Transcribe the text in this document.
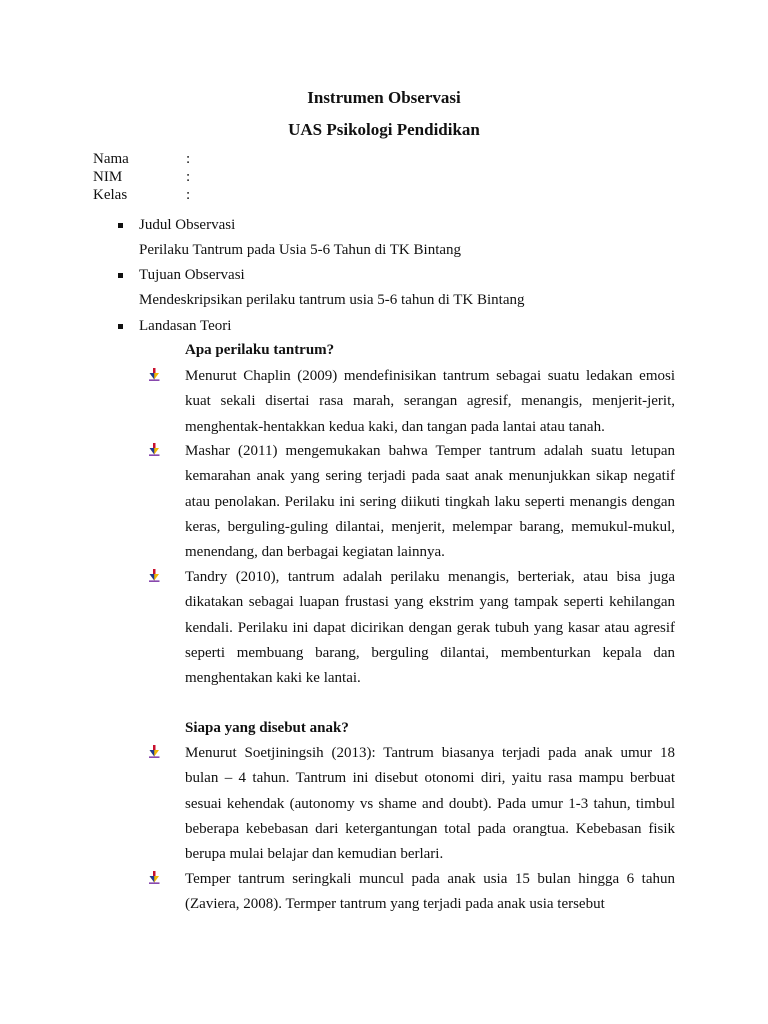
Instrumen Observasi
UAS Psikologi Pendidikan
Nama	:
NIM	:
Kelas	:
Judul Observasi
Perilaku Tantrum pada Usia 5-6 Tahun di TK Bintang
Tujuan Observasi
Mendeskripsikan perilaku tantrum usia 5-6 tahun di TK Bintang
Landasan Teori
Apa perilaku tantrum?
Menurut Chaplin (2009) mendefinisikan tantrum sebagai suatu ledakan emosi kuat sekali disertai rasa marah, serangan agresif, menangis, menjerit-jerit, menghentak-hentakkan kedua kaki, dan tangan pada lantai atau tanah.
Mashar (2011) mengemukakan bahwa Temper tantrum adalah suatu letupan kemarahan anak yang sering terjadi pada saat anak menunjukkan sikap negatif atau penolakan. Perilaku ini sering diikuti tingkah laku seperti menangis dengan keras, berguling-guling dilantai, menjerit, melempar barang, memukul-mukul, menendang, dan berbagai kegiatan lainnya.
Tandry (2010), tantrum adalah perilaku menangis, berteriak, atau bisa juga dikatakan sebagai luapan frustasi yang ekstrim yang tampak seperti kehilangan kendali. Perilaku ini dapat dicirikan dengan gerak tubuh yang kasar atau agresif seperti membuang barang, berguling dilantai, membenturkan kepala dan menghentakan kaki ke lantai.
Siapa yang disebut anak?
Menurut Soetjiningsih (2013): Tantrum biasanya terjadi pada anak umur 18 bulan – 4 tahun. Tantrum ini disebut otonomi diri, yaitu rasa mampu berbuat sesuai kehendak (autonomy vs shame and doubt). Pada umur 1-3 tahun, timbul beberapa kebebasan dari ketergantungan total pada orangtua. Kebebasan fisik berupa mulai belajar dan kemudian berlari.
Temper tantrum seringkali muncul pada anak usia 15 bulan hingga 6 tahun (Zaviera, 2008). Termper tantrum yang terjadi pada anak usia tersebut
